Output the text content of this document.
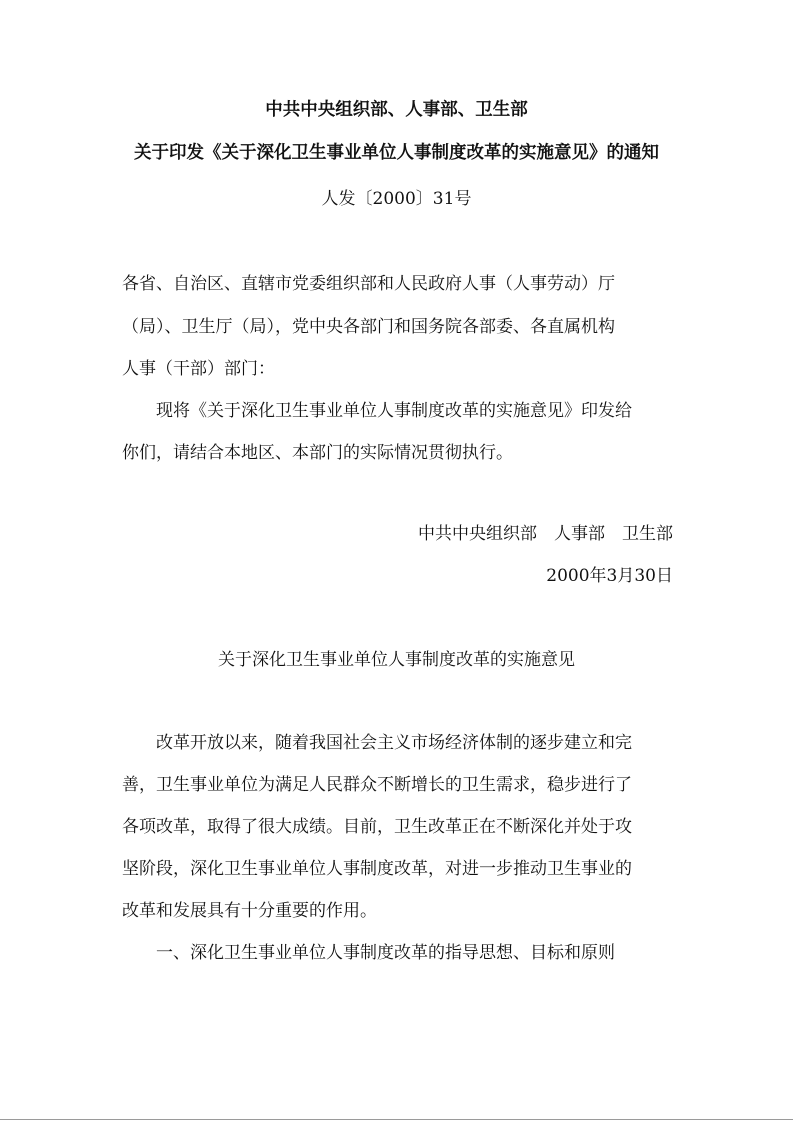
中共中央组织部、人事部、卫生部
关于印发《关于深化卫生事业单位人事制度改革的实施意见》的通知
人发〔2000〕31号
各省、自治区、直辖市党委组织部和人民政府人事（人事劳动）厅
（局）、卫生厅（局），党中央各部门和国务院各部委、各直属机构
人事（干部）部门：
现将《关于深化卫生事业单位人事制度改革的实施意见》印发给
你们，请结合本地区、本部门的实际情况贯彻执行。
中共中央组织部　人事部　卫生部
2000年3月30日
关于深化卫生事业单位人事制度改革的实施意见
改革开放以来，随着我国社会主义市场经济体制的逐步建立和完
善，卫生事业单位为满足人民群众不断增长的卫生需求，稳步进行了
各项改革，取得了很大成绩。目前，卫生改革正在不断深化并处于攻
坚阶段，深化卫生事业单位人事制度改革，对进一步推动卫生事业的
改革和发展具有十分重要的作用。
一、深化卫生事业单位人事制度改革的指导思想、目标和原则
